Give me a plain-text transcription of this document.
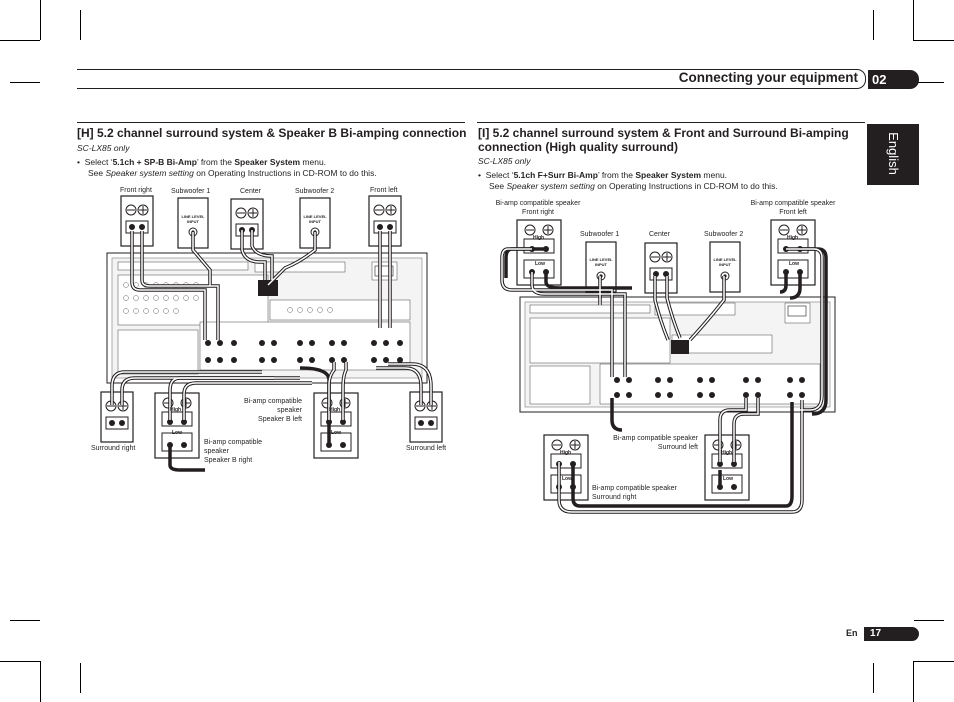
Connecting your equipment	02
English
[H] 5.2 channel surround system & Speaker B Bi-amping connection
SC-LX85 only
•  Select ‘5.1ch + SP-B Bi-Amp’ from the Speaker System menu.
See Speaker system setting on Operating Instructions in CD-ROM to do this.
[I] 5.2 channel surround system & Front and Surround Bi-amping
connection (High quality surround)
SC-LX85 only
•  Select ‘5.1ch F+Surr Bi-Amp’ from the Speaker System menu.
See Speaker system setting on Operating Instructions in CD-ROM to do this.
Front right	Subwoofer 1	Center	Subwoofer 2	Front left
LINE LEVEL
INPUT
LINE LEVEL
INPUT
Surround right	Surround left
Bi-amp compatible
speaker
Speaker B left
Bi-amp compatible
speaker
Speaker B right
High
Low
High
Low
Bi-amp compatible speaker
Front right
Bi-amp compatible speaker
Front left
Subwoofer 1	Center	Subwoofer 2
LINE LEVEL
INPUT
LINE LEVEL
INPUT
Bi-amp compatible speaker
Surround left
Bi-amp compatible speaker
Surround right
High
Low
High
Low
High
Low
High
Low
En	17
